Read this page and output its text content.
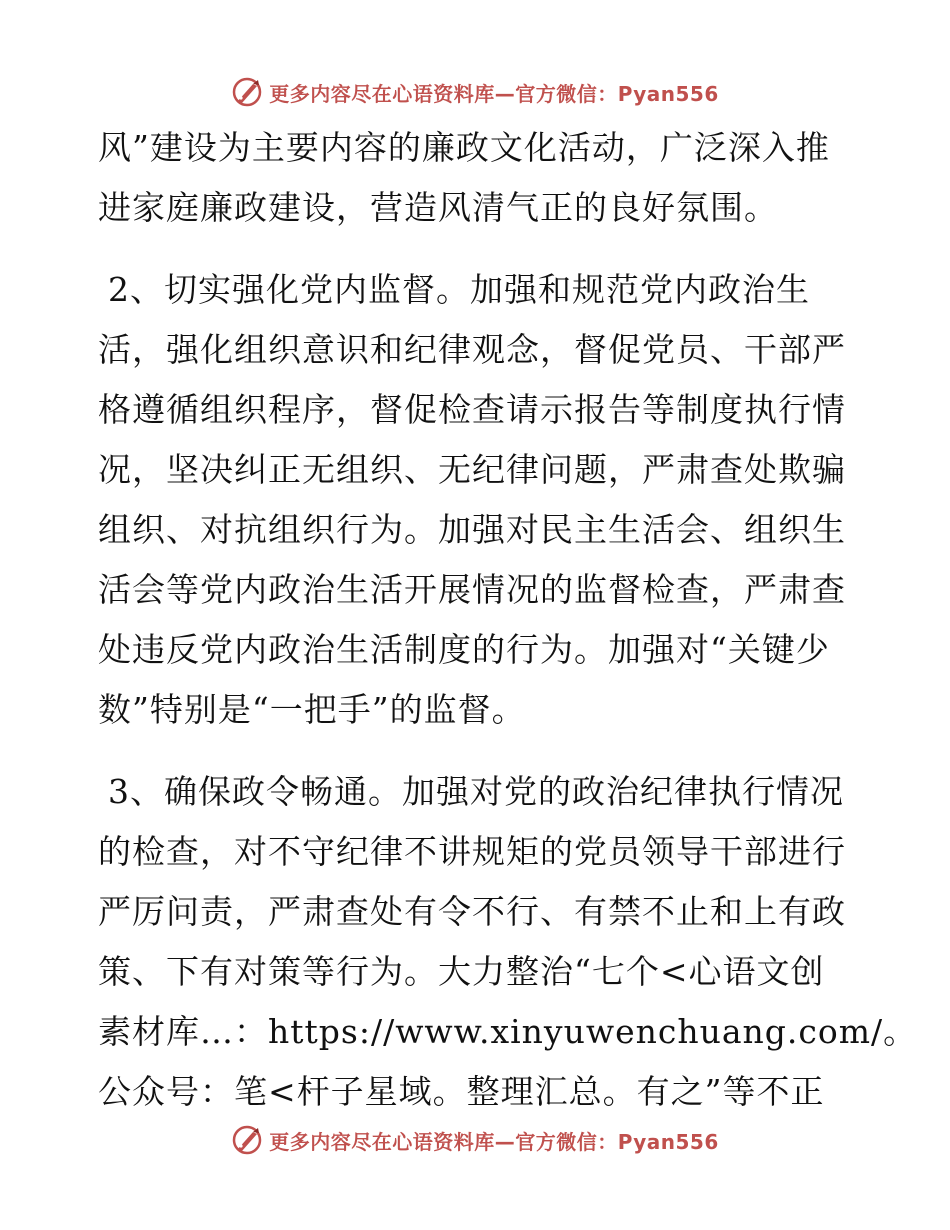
更多内容尽在心语资料库—官方微信：Pyan556
风”建设为主要内容的廉政文化活动，广泛深入推
进家庭廉政建设，营造风清气正的良好氛围。
2、切实强化党内监督。加强和规范党内政治生
活，强化组织意识和纪律观念，督促党员、干部严
格遵循组织程序，督促检查请示报告等制度执行情
况，坚决纠正无组织、无纪律问题，严肃查处欺骗
组织、对抗组织行为。加强对民主生活会、组织生
活会等党内政治生活开展情况的监督检查，严肃查
处违反党内政治生活制度的行为。加强对“关键少
数”特别是“一把手”的监督。
3、确保政令畅通。加强对党的政治纪律执行情况
的检查，对不守纪律不讲规矩的党员领导干部进行
严厉问责，严肃查处有令不行、有禁不止和上有政
策、下有对策等行为。大力整治“七个<心语文创
素材库…：https://www.xinyuwenchuang.com/。
公众号：笔<杆子星域。整理汇总。有之”等不正
更多内容尽在心语资料库—官方微信：Pyan556
